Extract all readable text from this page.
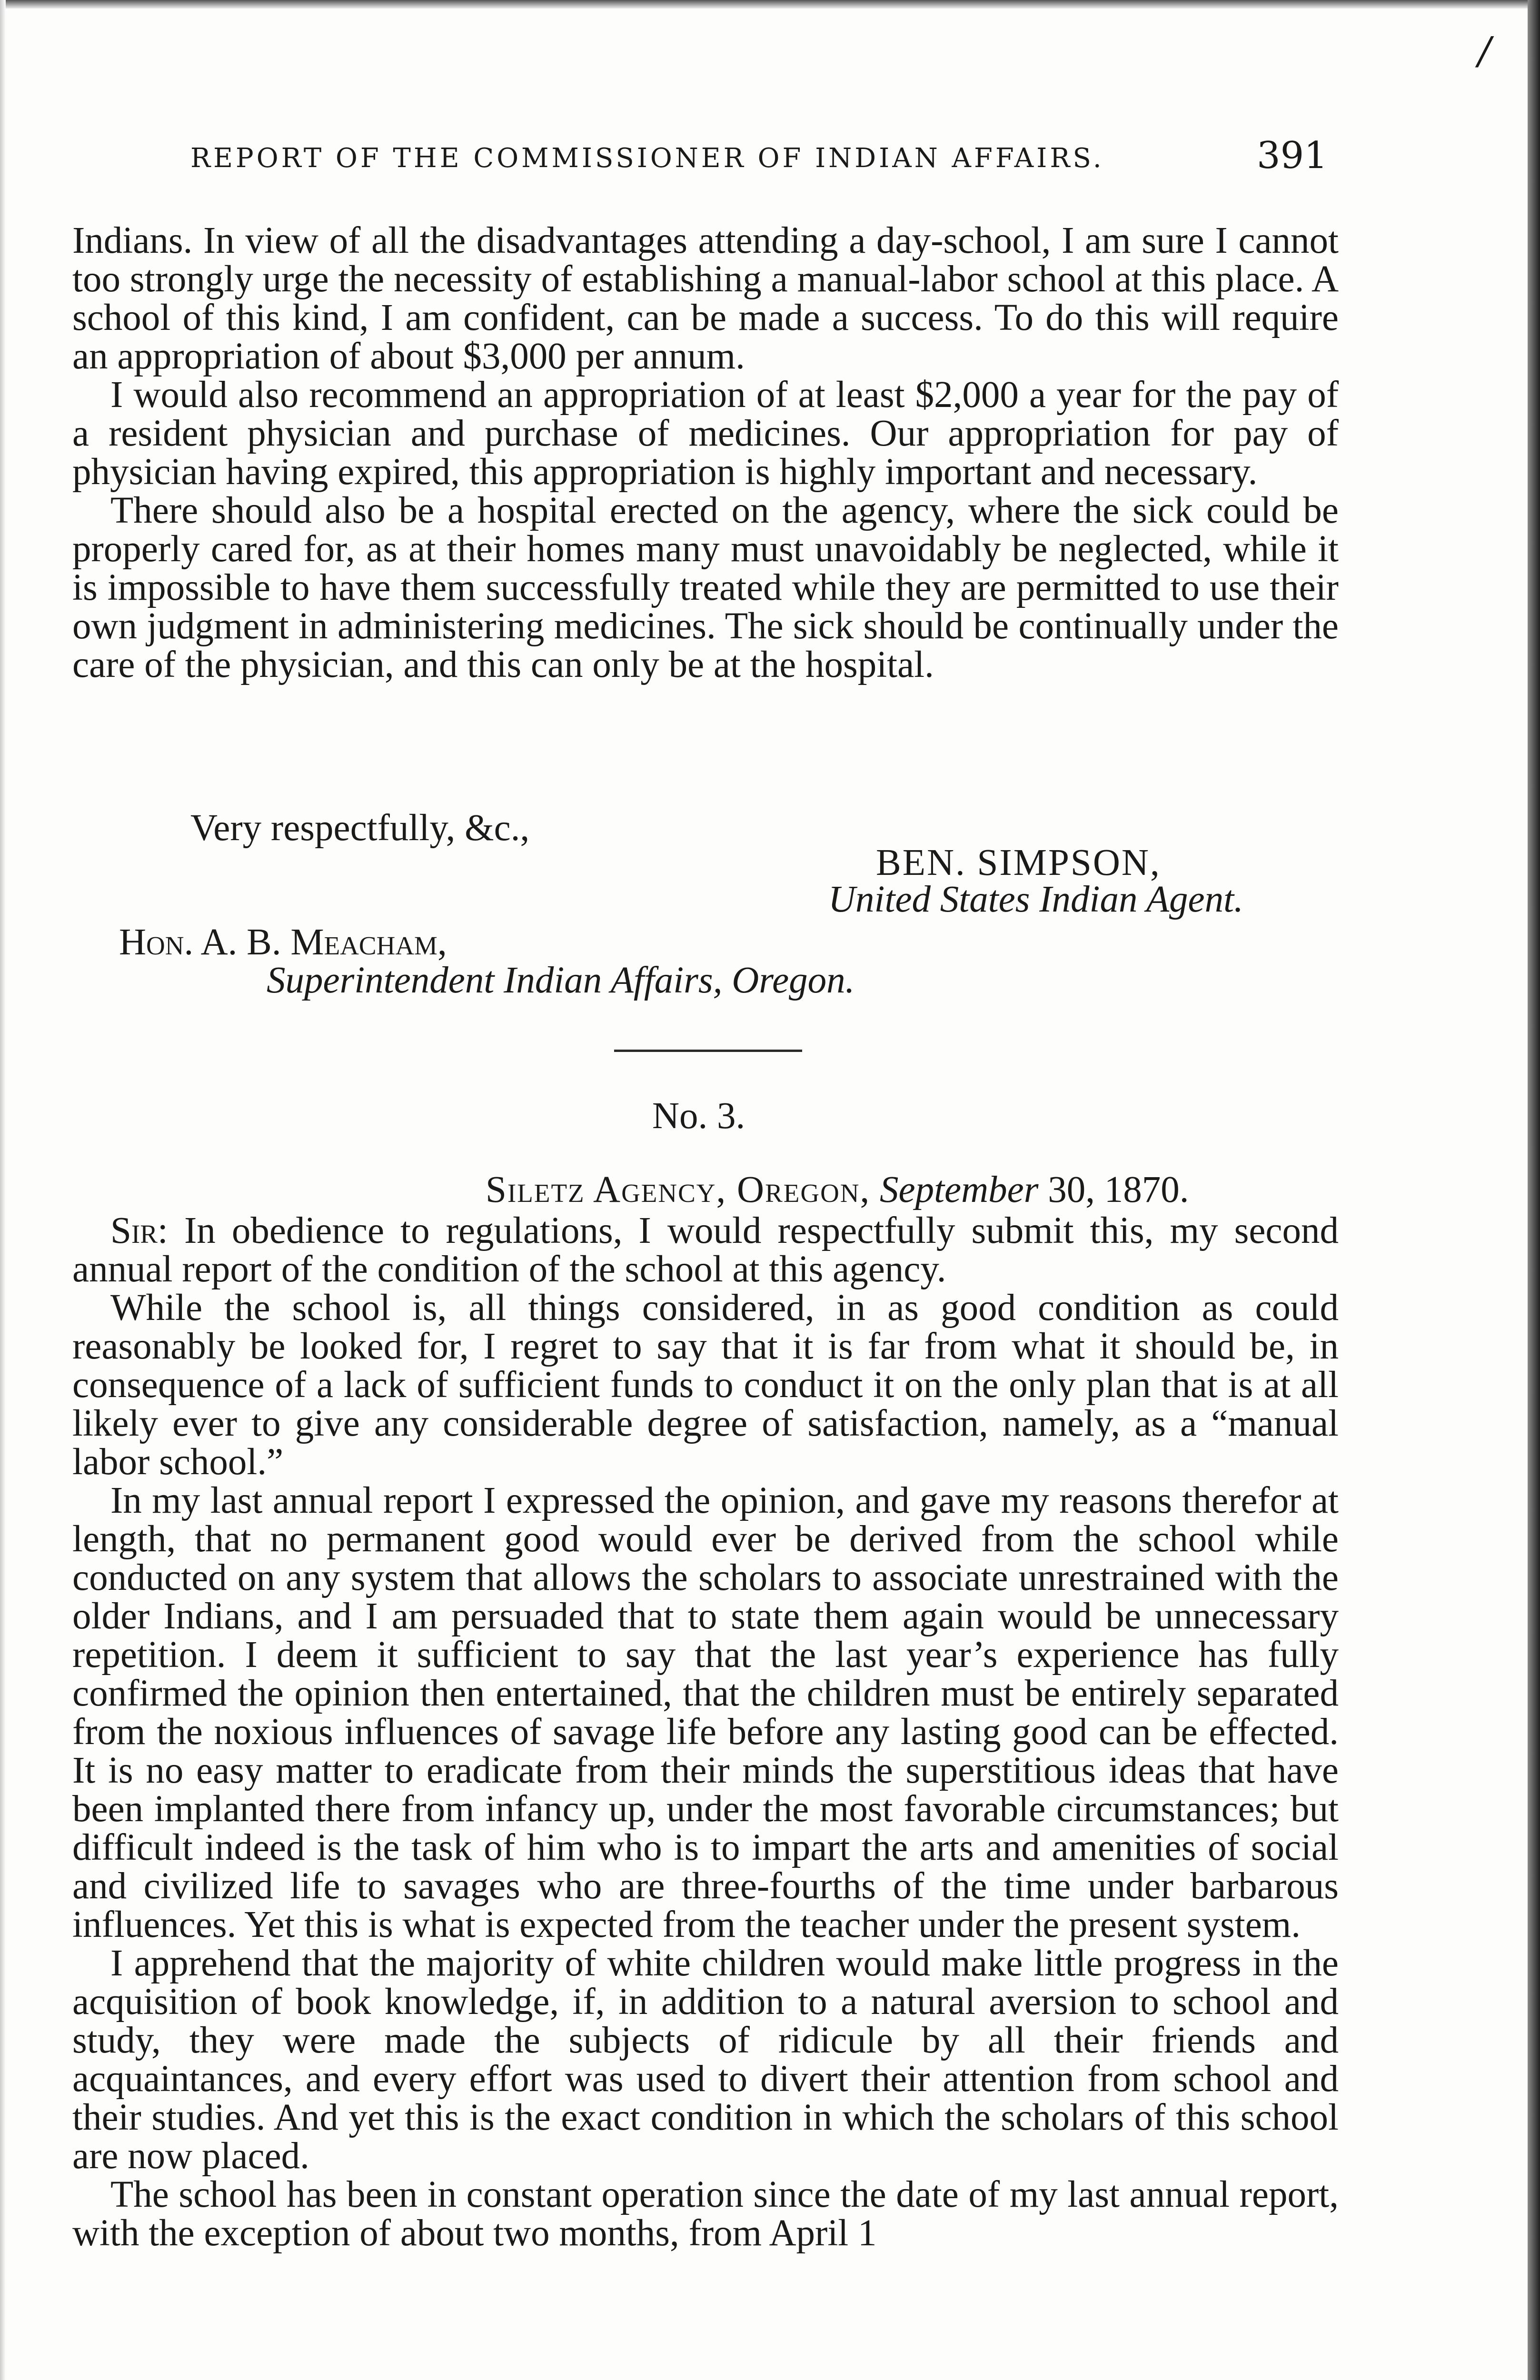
/
REPORT OF THE COMMISSIONER OF INDIAN AFFAIRS.	391

Indians. In view of all the disadvantages attending a day-school, I am sure I cannot too strongly urge the necessity of establishing a manual-labor school at this place. A school of this kind, I am confident, can be made a success. To do this will require an appropriation of about $3,000 per annum.

I would also recommend an appropriation of at least $2,000 a year for the pay of a resident physician and purchase of medicines. Our appropriation for pay of physician having expired, this appropriation is highly important and necessary.

There should also be a hospital erected on the agency, where the sick could be properly cared for, as at their homes many must unavoidably be neglected, while it is impossible to have them successfully treated while they are permitted to use their own judgment in administering medicines. The sick should be continually under the care of the physician, and this can only be at the hospital.

Very respectfully, &c.,
BEN. SIMPSON,
United States Indian Agent.
Hon. A. B. Meacham,
Superintendent Indian Affairs, Oregon.
No. 3.
Siletz Agency, Oregon, September 30, 1870.

Sir: In obedience to regulations, I would respectfully submit this, my second annual report of the condition of the school at this agency.

While the school is, all things considered, in as good condition as could reasonably be looked for, I regret to say that it is far from what it should be, in consequence of a lack of sufficient funds to conduct it on the only plan that is at all likely ever to give any considerable degree of satisfaction, namely, as a “manual labor school.”

In my last annual report I expressed the opinion, and gave my reasons therefor at length, that no permanent good would ever be derived from the school while conducted on any system that allows the scholars to associate unrestrained with the older Indians, and I am persuaded that to state them again would be unnecessary repetition. I deem it sufficient to say that the last year’s experience has fully confirmed the opinion then entertained, that the children must be entirely separated from the noxious influences of savage life before any lasting good can be effected. It is no easy matter to eradicate from their minds the superstitious ideas that have been implanted there from infancy up, under the most favorable circumstances; but difficult indeed is the task of him who is to impart the arts and amenities of social and civilized life to savages who are three-fourths of the time under barbarous influences. Yet this is what is expected from the teacher under the present system.

I apprehend that the majority of white children would make little progress in the acquisition of book knowledge, if, in addition to a natural aversion to school and study, they were made the subjects of ridicule by all their friends and acquaintances, and every effort was used to divert their attention from school and their studies. And yet this is the exact condition in which the scholars of this school are now placed.

The school has been in constant operation since the date of my last annual report, with the exception of about two months, from April 1
